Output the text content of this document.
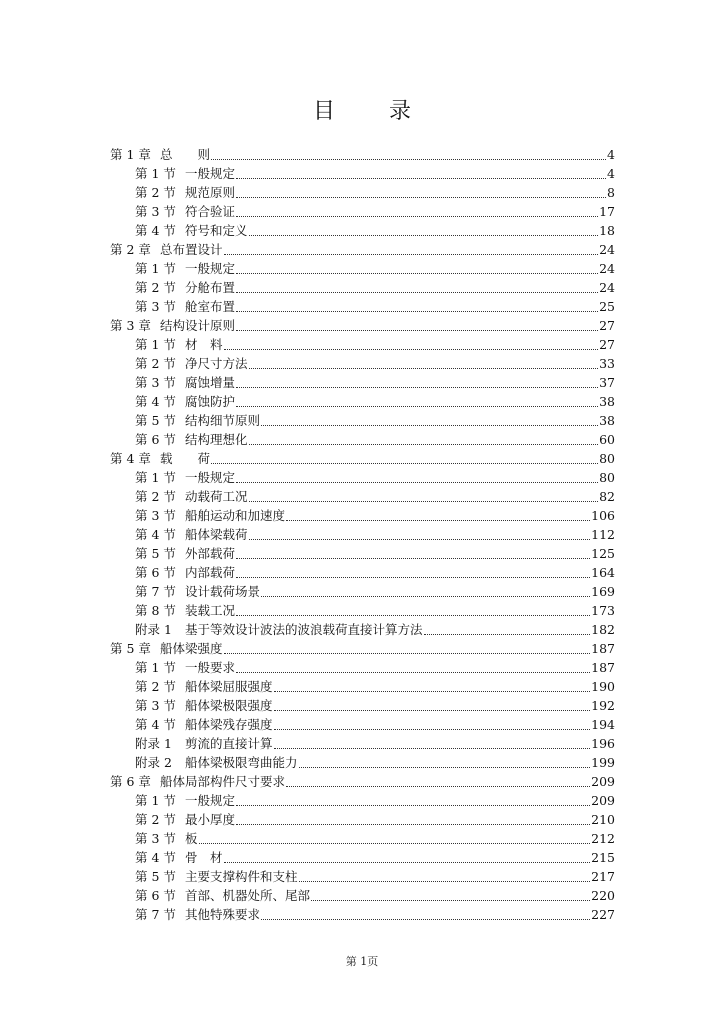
目　录
第 1 章 总　　则	4
第 1 节 一般规定	4
第 2 节 规范原则	8
第 3 节 符合验证	17
第 4 节 符号和定义	18
第 2 章 总布置设计	24
第 1 节 一般规定	24
第 2 节 分舱布置	24
第 3 节 舱室布置	25
第 3 章 结构设计原则	27
第 1 节 材　料	27
第 2 节 净尺寸方法	33
第 3 节 腐蚀增量	37
第 4 节 腐蚀防护	38
第 5 节 结构细节原则	38
第 6 节 结构理想化	60
第 4 章 载　　荷	80
第 1 节 一般规定	80
第 2 节 动载荷工况	82
第 3 节 船舶运动和加速度	106
第 4 节 船体梁载荷	112
第 5 节 外部载荷	125
第 6 节 内部载荷	164
第 7 节 设计载荷场景	169
第 8 节 装载工况	173
附录 1	基于等效设计波法的波浪载荷直接计算方法	182
第 5 章 船体梁强度	187
第 1 节 一般要求	187
第 2 节 船体梁屈服强度	190
第 3 节 船体梁极限强度	192
第 4 节 船体梁残存强度	194
附录 1	剪流的直接计算	196
附录 2	船体梁极限弯曲能力	199
第 6 章 船体局部构件尺寸要求	209
第 1 节 一般规定	209
第 2 节 最小厚度	210
第 3 节 板	212
第 4 节 骨　材	215
第 5 节 主要支撑构件和支柱	217
第 6 节 首部、机器处所、尾部	220
第 7 节 其他特殊要求	227
第 1页
